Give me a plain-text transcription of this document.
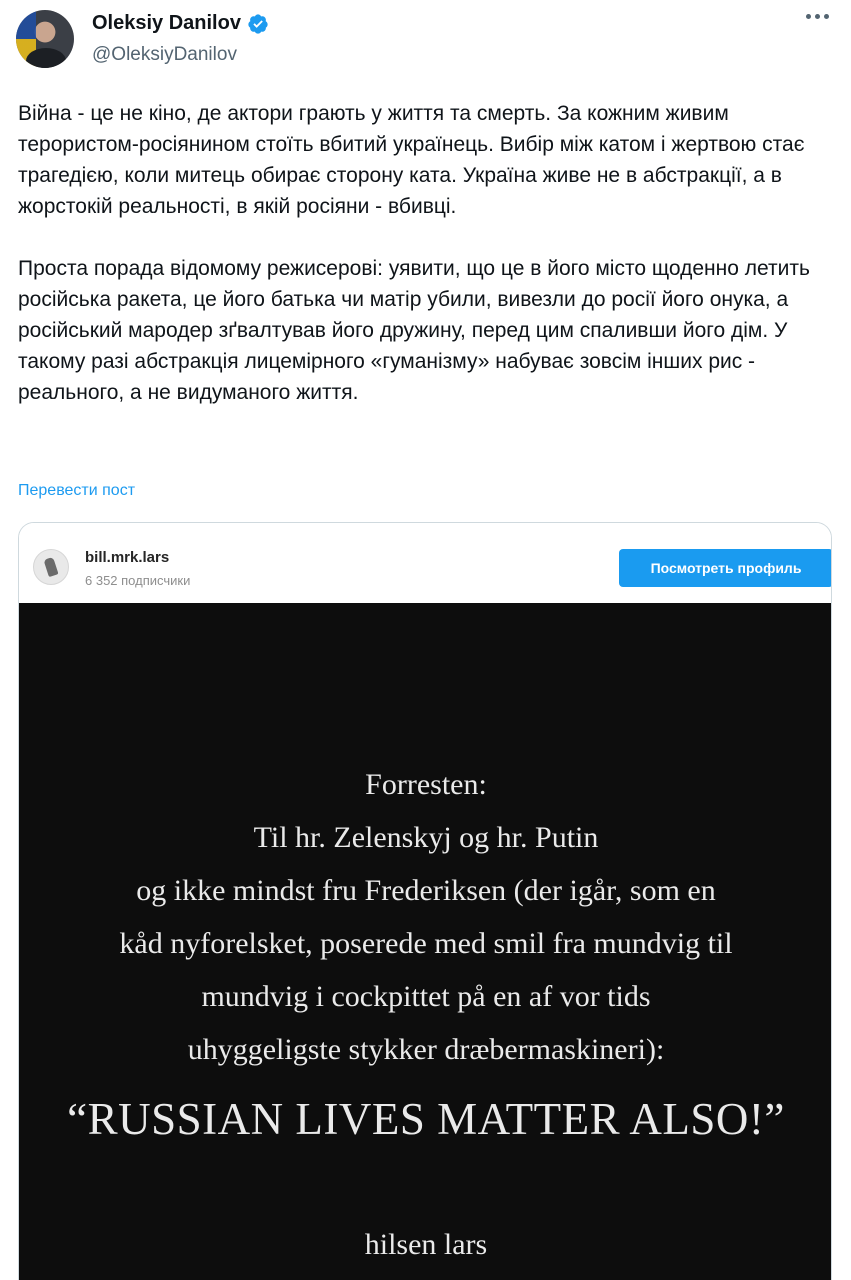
Oleksiy Danilov
@OleksiyDanilov

Війна - це не кіно, де актори грають у життя та смерть. За кожним живим терористом-росіянином стоїть вбитий українець. Вибір між катом і жертвою стає трагедією, коли митець обирає сторону ката. Україна живе не в абстракції, а в жорстокій реальності, в якій росіяни - вбивці.

Проста порада відомому режисерові: уявити, що це в його місто щоденно летить російська ракета, це його батька чи матір убили, вивезли до росії його онука, а російський мародер зґвалтував його дружину, перед цим спаливши його дім. У такому разі абстракція лицемірного «гуманізму» набуває зовсім інших рис - реального, а не видуманого життя.

Перевести пост
bill.mrk.lars
6 352 подписчики
Посмотреть профиль
Forresten:
Til hr. Zelenskyj og hr. Putin
og ikke mindst fru Frederiksen (der igår, som en
kåd nyforelsket, poserede med smil fra mundvig til
mundvig i cockpittet på en af vor tids
uhyggeligste stykker dræbermaskineri):
“RUSSIAN LIVES MATTER ALSO!”
hilsen lars
